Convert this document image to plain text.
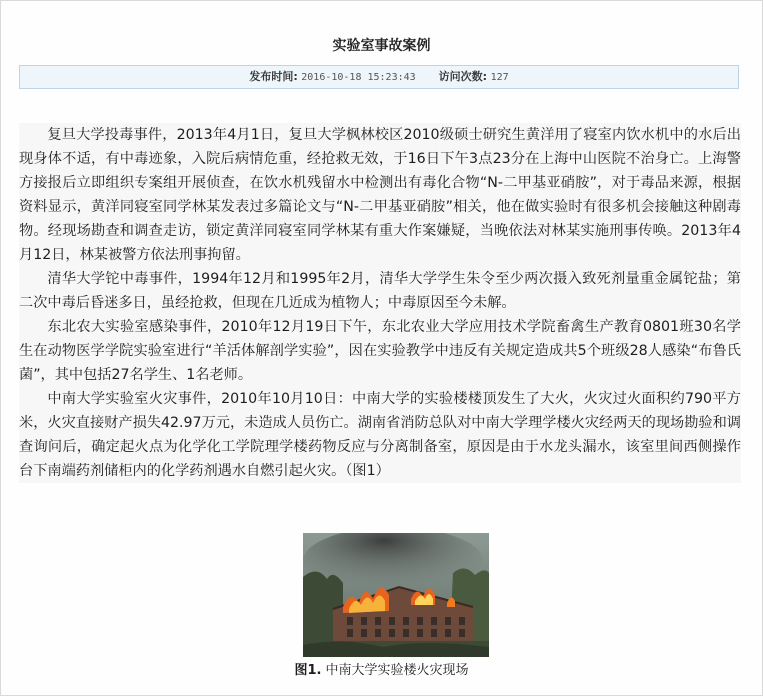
实验室事故案例
发布时间: 2016-10-18 15:23:43 访问次数: 127

复旦大学投毒事件，2013年4月1日，复旦大学枫林校区2010级硕士研究生黄洋用了寝室内饮水机中的水后出现身体不适，有中毒迹象，入院后病情危重，经抢救无效，于16日下午3点23分在上海中山医院不治身亡。上海警方接报后立即组织专案组开展侦查，在饮水机残留水中检测出有毒化合物“N-二甲基亚硝胺”，对于毒品来源，根据资料显示，黄洋同寝室同学林某发表过多篇论文与“N-二甲基亚硝胺”相关，他在做实验时有很多机会接触这种剧毒物。经现场勘查和调查走访，锁定黄洋同寝室同学林某有重大作案嫌疑，当晚依法对林某实施刑事传唤。2013年4月12日，林某被警方依法刑事拘留。

清华大学铊中毒事件，1994年12月和1995年2月，清华大学学生朱令至少两次摄入致死剂量重金属铊盐；第二次中毒后昏迷多日，虽经抢救，但现在几近成为植物人；中毒原因至今未解。

东北农大实验室感染事件，2010年12月19日下午，东北农业大学应用技术学院畜禽生产教育0801班30名学生在动物医学学院实验室进行“羊活体解剖学实验”，因在实验教学中违反有关规定造成共5个班级28人感染“布鲁氏菌”，其中包括27名学生、1名老师。

中南大学实验室火灾事件，2010年10月10日：中南大学的实验楼楼顶发生了大火，火灾过火面积约790平方米，火灾直接财产损失42.97万元，未造成人员伤亡。湖南省消防总队对中南大学理学楼火灾经两天的现场勘验和调查询问后，确定起火点为化学化工学院理学楼药物反应与分离制备室，原因是由于水龙头漏水，该室里间西侧操作台下南端药剂储柜内的化学药剂遇水自燃引起火灾。（图1）

图1. 中南大学实验楼火灾现场
